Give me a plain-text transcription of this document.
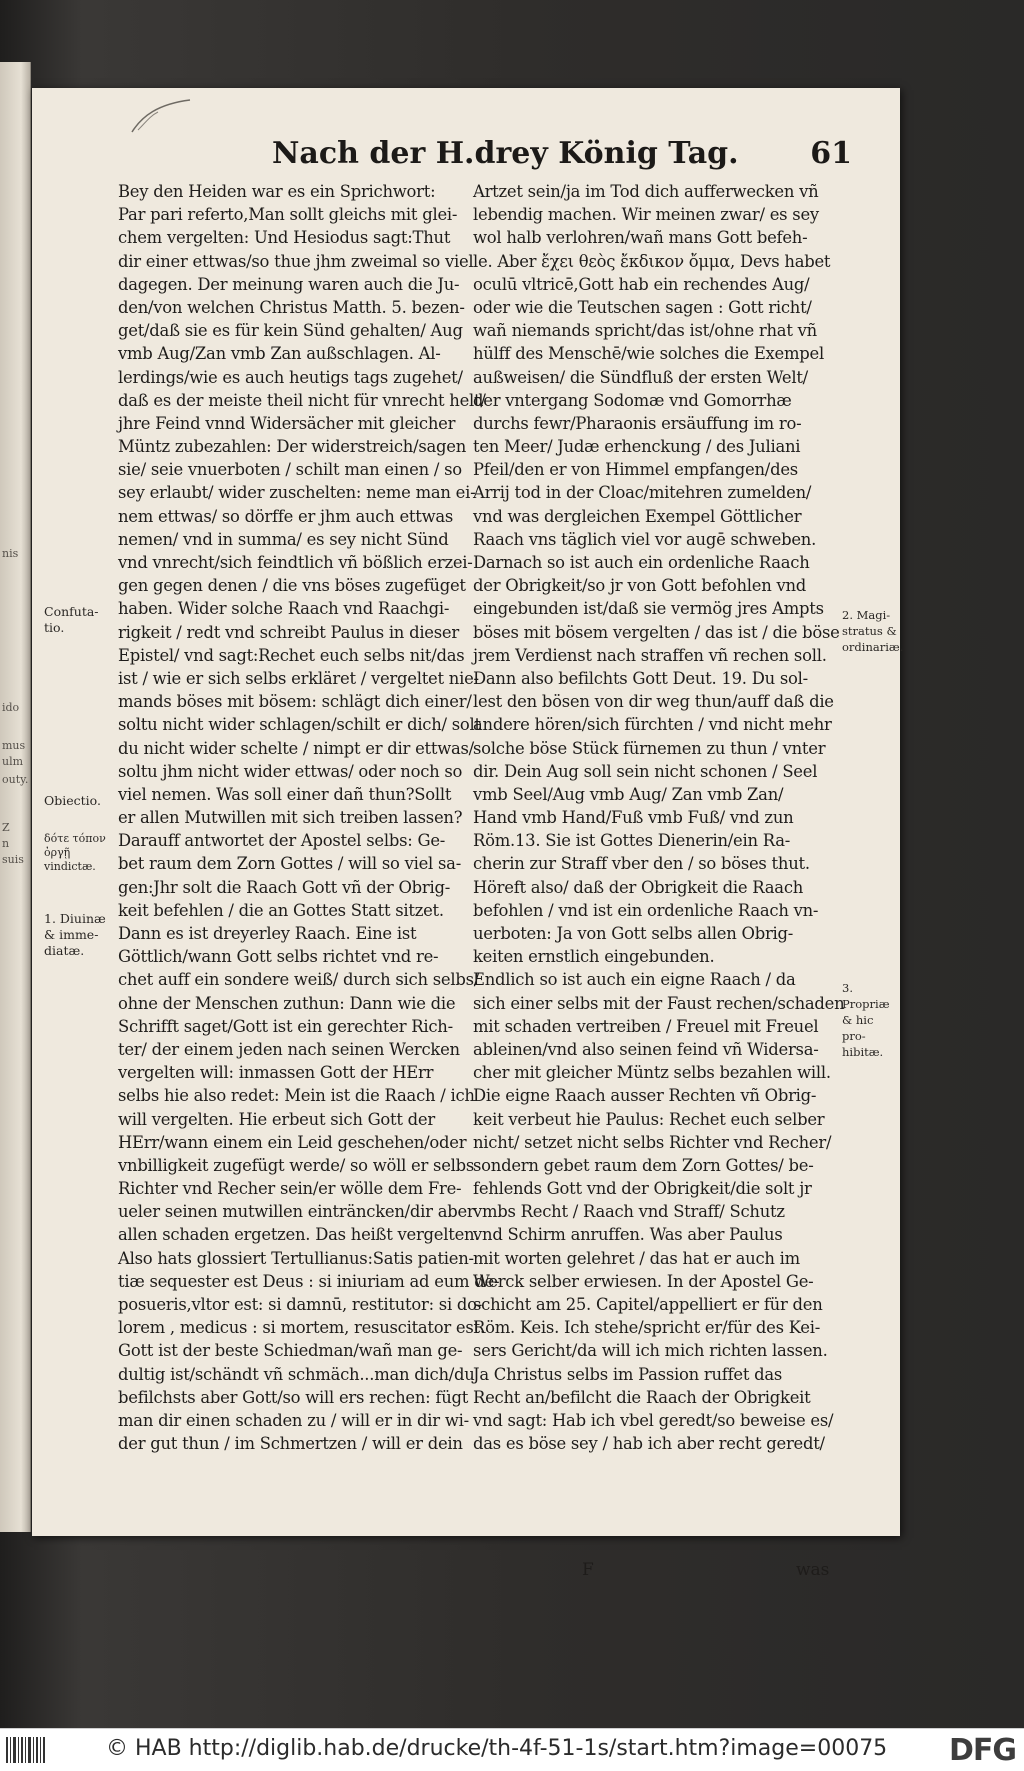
nis
ido
mus
ulm
outy.
Z
n
suis
Nach der H.drey König Tag. 61
Confuta-
tio.
Obiectio.
δότε τόπον
ὀργῇ
vindictæ.
1. Diuinæ
& imme-
diatæ.
2. Magi-
stratus &
ordinariæ.
3. Propriæ
& hic pro-
hibitæ.
Bey den Heiden war es ein Sprichwort:
Par pari referto,Man sollt gleichs mit glei-
chem vergelten: Und Hesiodus sagt:Thut
dir einer ettwas/so thue jhm zweimal so viel
dagegen. Der meinung waren auch die Ju-
den/von welchen Christus Matth. 5. bezen-
get/daß sie es für kein Sünd gehalten/ Aug
vmb Aug/Zan vmb Zan außschlagen. Al-
lerdings/wie es auch heutigs tags zugehet/
daß es der meiste theil nicht für vnrecht helt/
jhre Feind vnnd Widersächer mit gleicher
Müntz zubezahlen: Der widerstreich/sagen
sie/ seie vnuerboten / schilt man einen / so
sey erlaubt/ wider zuschelten: neme man ei-
nem ettwas/ so dörffe er jhm auch ettwas
nemen/ vnd in summa/ es sey nicht Sünd
vnd vnrecht/sich feindtlich vñ bößlich erzei-
gen gegen denen / die vns böses zugefüget
haben. Wider solche Raach vnd Raachgi-
rigkeit / redt vnd schreibt Paulus in dieser
Epistel/ vnd sagt:Rechet euch selbs nit/das
ist / wie er sich selbs erkläret / vergeltet nie-
mands böses mit bösem: schlägt dich einer/
soltu nicht wider schlagen/schilt er dich/ solt
du nicht wider schelte / nimpt er dir ettwas/
soltu jhm nicht wider ettwas/ oder noch so
viel nemen. Was soll einer dañ thun?Sollt
er allen Mutwillen mit sich treiben lassen?
Darauff antwortet der Apostel selbs: Ge-
bet raum dem Zorn Gottes / will so viel sa-
gen:Jhr solt die Raach Gott vñ der Obrig-
keit befehlen / die an Gottes Statt sitzet.
Dann es ist dreyerley Raach. Eine ist
Göttlich/wann Gott selbs richtet vnd re-
chet auff ein sondere weiß/ durch sich selbs/
ohne der Menschen zuthun: Dann wie die
Schrifft saget/Gott ist ein gerechter Rich-
ter/ der einem jeden nach seinen Wercken
vergelten will: inmassen Gott der HErr
selbs hie also redet: Mein ist die Raach / ich
will vergelten. Hie erbeut sich Gott der
HErr/wann einem ein Leid geschehen/oder
vnbilligkeit zugefügt werde/ so wöll er selbs
Richter vnd Recher sein/er wölle dem Fre-
ueler seinen mutwillen einträncken/dir aber
allen schaden ergetzen. Das heißt vergelten.
Also hats glossiert Tertullianus:Satis patien-
tiæ sequester est Deus : si iniuriam ad eum de-
posueris,vltor est: si damnū, restitutor: si do-
lorem , medicus : si mortem, resuscitator est.
Gott ist der beste Schiedman/wañ man ge-
dultig ist/schändt vñ schmäch...man dich/du
befilchsts aber Gott/so will ers rechen: fügt
man dir einen schaden zu / will er in dir wi-
der gut thun / im Schmertzen / will er dein
Artzet sein/ja im Tod dich aufferwecken vñ
lebendig machen. Wir meinen zwar/ es sey
wol halb verlohren/wañ mans Gott befeh-
le. Aber ἔχει θεὸς ἔκδικον ὄμμα, Devs habet
oculū vltricē,Gott hab ein rechendes Aug/
oder wie die Teutschen sagen : Gott richt/
wañ niemands spricht/das ist/ohne rhat vñ
hülff des Menschē/wie solches die Exempel
außweisen/ die Sündfluß der ersten Welt/
der vntergang Sodomæ vnd Gomorrhæ
durchs fewr/Pharaonis ersäuffung im ro-
ten Meer/ Judæ erhenckung / des Juliani
Pfeil/den er von Himmel empfangen/des
Arrij tod in der Cloac/mitehren zumelden/
vnd was dergleichen Exempel Göttlicher
Raach vns täglich viel vor augē schweben.
Darnach so ist auch ein ordenliche Raach
der Obrigkeit/so jr von Gott befohlen vnd
eingebunden ist/daß sie vermög jres Ampts
böses mit bösem vergelten / das ist / die böse
jrem Verdienst nach straffen vñ rechen soll.
Dann also befilchts Gott Deut. 19. Du sol-
lest den bösen von dir weg thun/auff daß die
andere hören/sich fürchten / vnd nicht mehr
solche böse Stück fürnemen zu thun / vnter
dir. Dein Aug soll sein nicht schonen / Seel
vmb Seel/Aug vmb Aug/ Zan vmb Zan/
Hand vmb Hand/Fuß vmb Fuß/ vnd zun
Röm.13. Sie ist Gottes Dienerin/ein Ra-
cherin zur Straff vber den / so böses thut.
Höreft also/ daß der Obrigkeit die Raach
befohlen / vnd ist ein ordenliche Raach vn-
uerboten: Ja von Gott selbs allen Obrig-
keiten ernstlich eingebunden.
Endlich so ist auch ein eigne Raach / da
sich einer selbs mit der Faust rechen/schaden
mit schaden vertreiben / Freuel mit Freuel
ableinen/vnd also seinen feind vñ Widersa-
cher mit gleicher Müntz selbs bezahlen will.
Die eigne Raach ausser Rechten vñ Obrig-
keit verbeut hie Paulus: Rechet euch selber
nicht/ setzet nicht selbs Richter vnd Recher/
sondern gebet raum dem Zorn Gottes/ be-
fehlends Gott vnd der Obrigkeit/die solt jr
vmbs Recht / Raach vnd Straff/ Schutz
vnd Schirm anruffen. Was aber Paulus
mit worten gelehret / das hat er auch im
Werck selber erwiesen. In der Apostel Ge-
schicht am 25. Capitel/appelliert er für den
Röm. Keis. Ich stehe/spricht er/für des Kei-
sers Gericht/da will ich mich richten lassen.
Ja Christus selbs im Passion ruffet das
Recht an/befilcht die Raach der Obrigkeit
vnd sagt: Hab ich vbel geredt/so beweise es/
das es böse sey / hab ich aber recht geredt/
F	was
© HAB http://diglib.hab.de/drucke/th-4f-51-1s/start.htm?image=00075 DFG
